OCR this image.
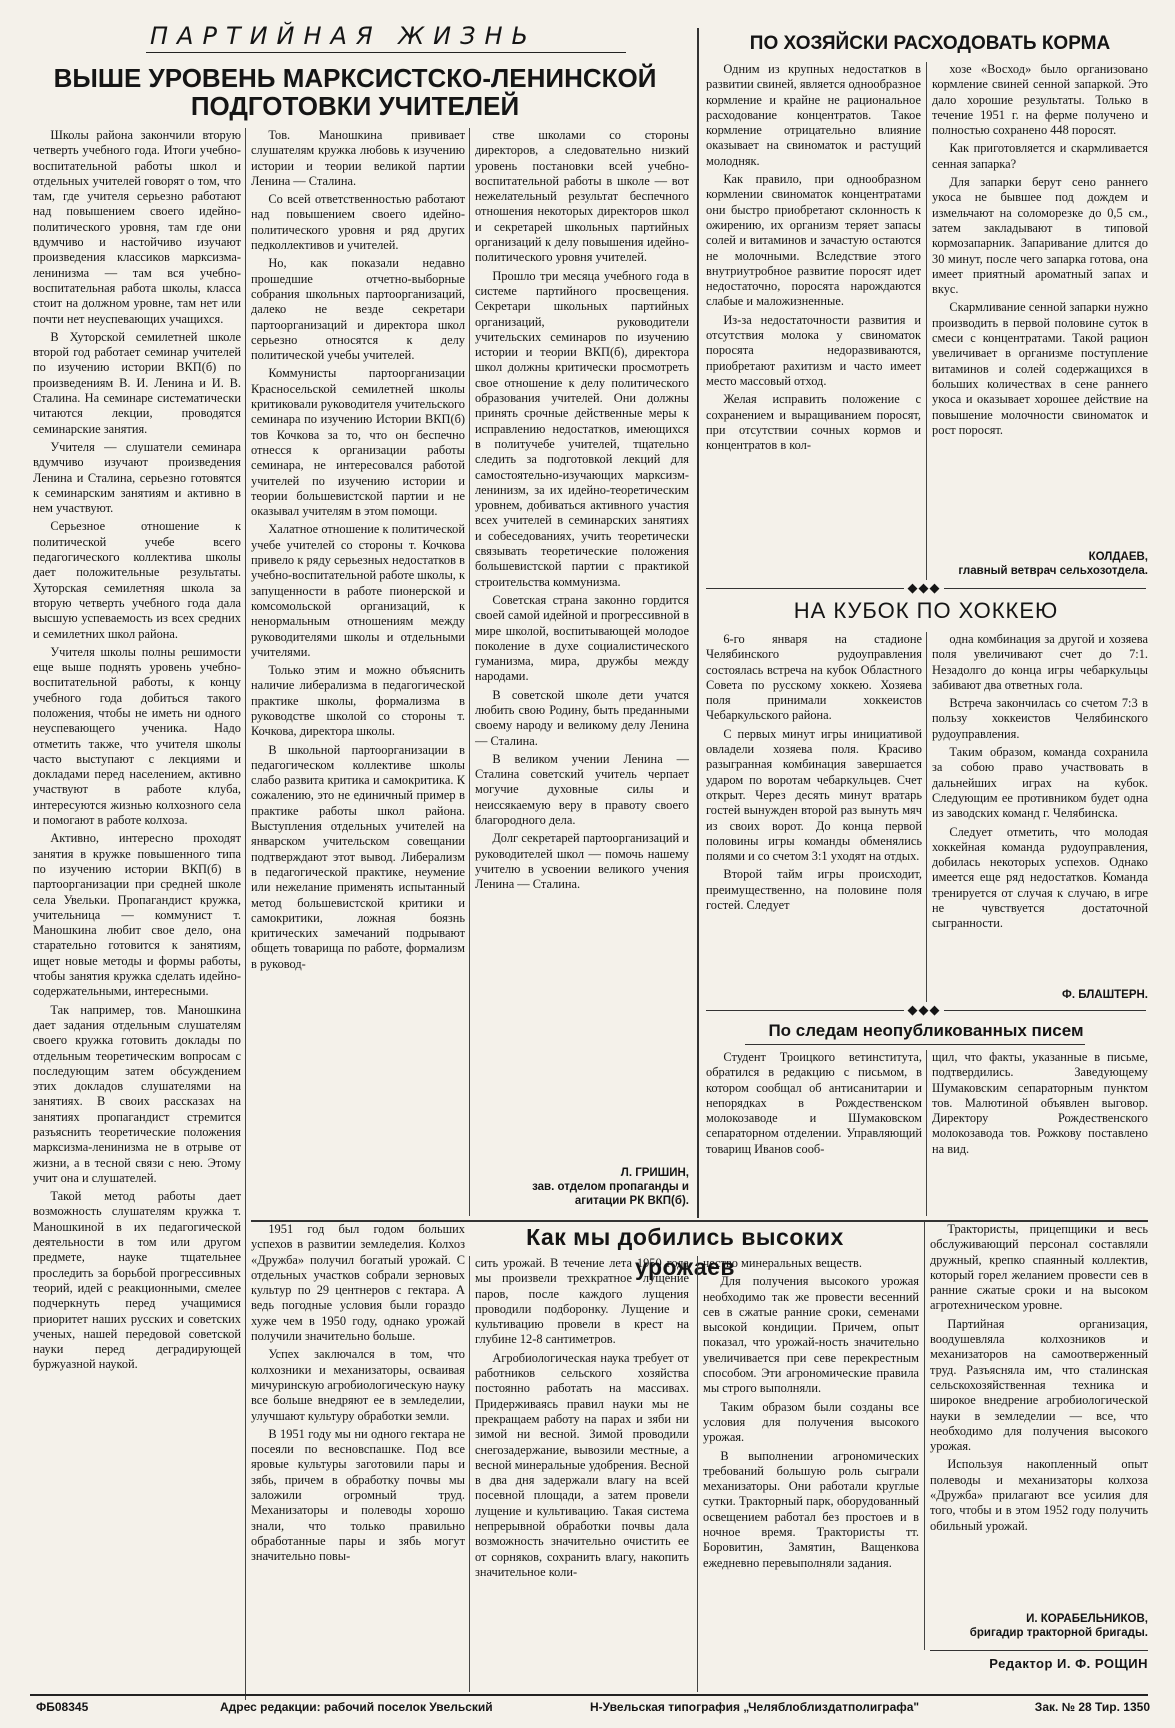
ПАРТИЙНАЯ ЖИЗНЬ
ВЫШЕ УРОВЕНЬ МАРКСИСТСКО-ЛЕНИНСКОЙ
ПОДГОТОВКИ УЧИТЕЛЕЙ

Школы района закончили вторую четверть учебного года. Итоги учебно-воспитательной работы школ и отдельных учителей говорят о том, что там, где учителя серьезно работают над повышением своего идейно-политического уровня, там где они вдумчиво и настойчиво изучают произведения классиков марксизма-ленинизма — там вся учебно-воспитательная работа школы, класса стоит на должном уровне, там нет или почти нет неуспевающих учащихся.

В Хуторской семилетней школе второй год работает семинар учителей по изучению истории ВКП(б) по произведениям В. И. Ленина и И. В. Сталина. На семинаре систематически читаются лекции, проводятся семинарские занятия.

Учителя — слушатели семинара вдумчиво изучают произведения Ленина и Сталина, серьезно готовятся к семинарским занятиям и активно в нем участвуют.

Серьезное отношение к политической учебе всего педагогического коллектива школы дает положительные результаты. Хуторская семилетняя школа за вторую четверть учебного года дала высшую успеваемость из всех средних и семилетних школ района.

Учителя школы полны решимости еще выше поднять уровень учебно-воспитательной работы, к концу учебного года добиться такого положения, чтобы не иметь ни одного неуспевающего ученика. Надо отметить также, что учителя школы часто выступают с лекциями и докладами перед населением, активно участвуют в работе клуба, интересуются жизнью колхозного села и помогают в работе колхоза.

Активно, интересно проходят занятия в кружке повышенного типа по изучению истории ВКП(б) в партоорганизации при средней школе села Увельки. Пропагандист кружка, учительница — коммунист т. Маношкина любит свое дело, она старательно готовится к занятиям, ищет новые методы и формы работы, чтобы занятия кружка сделать идейно-содержательными, интересными.

Так например, тов. Маношкина дает задания отдельным слушателям своего кружка готовить доклады по отдельным теоретическим вопросам с последующим затем обсуждением этих докладов слушателями на занятиях. В своих рассказах на занятиях пропагандист стремится разъяснить теоретические положения марксизма-ленинизма не в отрыве от жизни, а в тесной связи с нею. Этому учит она и слушателей.

Такой метод работы дает возможность слушателям кружка т. Маношкиной в их педагогической деятельности в том или другом предмете, науке тщательнее проследить за борьбой прогрессивных теорий, идей с реакционными, смелее подчеркнуть перед учащимися приоритет наших русских и советских ученых, нашей передовой советской науки перед деградирующей буржуазной наукой.

Тов. Маношкина прививает слушателям кружка любовь к изучению истории и теории великой партии Ленина — Сталина.

Со всей ответственностью работают над повышением своего идейно-политического уровня и ряд других педколлективов и учителей.

Но, как показали недавно прошедшие отчетно-выборные собрания школьных партоорганизаций, далеко не везде секретари партоорганизаций и директора школ серьезно относятся к делу политической учебы учителей.

Коммунисты партоорганизации Красносельской семилетней школы критиковали руководителя учительского семинара по изучению Истории ВКП(б) тов Кочкова за то, что он беспечно отнесся к организации работы семинара, не интересовался работой учителей по изучению истории и теории большевистской партии и не оказывал учителям в этом помощи.

Халатное отношение к политической учебе учителей со стороны т. Кочкова привело к ряду серьезных недостатков в учебно-воспитательной работе школы, к запущенности в работе пионерской и комсомольской организаций, к ненормальным отношениям между руководителями школы и отдельными учителями.

Только этим и можно объяснить наличие либерализма в педагогической практике школы, формализма в руководстве школой со стороны т. Кочкова, директора школы.

В школьной партоорганизации в педагогическом коллективе школы слабо развита критика и самокритика. К сожалению, это не единичный пример в практике работы школ района. Выступления отдельных учителей на январском учительском совещании подтверждают этот вывод. Либерализм в педагогической практике, неумение или нежелание применять испытанный метод большевистской критики и самокритики, ложная боязнь критических замечаний подрывают общеть товарища по работе, формализм в руковод-

стве школами со стороны директоров, а следовательно низкий уровень постановки всей учебно-воспитательной работы в школе — вот нежелательный результат беспечного отношения некоторых директоров школ и секретарей школьных партийных организаций к делу повышения идейно-политического уровня учителей.

Прошло три месяца учебного года в системе партийного просвещения. Секретари школьных партийных организаций, руководители учительских семинаров по изучению истории и теории ВКП(б), директора школ должны критически просмотреть свое отношение к делу политического образования учителей. Они должны принять срочные действенные меры к исправлению недостатков, имеющихся в политучебе учителей, тщательно следить за подготовкой лекций для самостоятельно-изучающих марксизм-ленинизм, за их идейно-теоретическим уровнем, добиваться активного участия всех учителей в семинарских занятиях и собеседованиях, учить теоретически связывать теоретические положения большевистской партии с практикой строительства коммунизма.

Советская страна законно гордится своей самой идейной и прогрессивной в мире школой, воспитывающей молодое поколение в духе социалистического гуманизма, мира, дружбы между народами.

В советской школе дети учатся любить свою Родину, быть преданными своему народу и великому делу Ленина — Сталина.

В великом учении Ленина — Сталина советский учитель черпает могучие духовные силы и неиссякаемую веру в правоту своего благородного дела.

Долг секретарей партоорганизаций и руководителей школ — помочь нашему учителю в усвоении великого учения Ленина — Сталина.

Л. ГРИШИН,
зав. отделом пропаганды и
агитации РК ВКП(б).
ПО ХОЗЯЙСКИ РАСХОДОВАТЬ КОРМА

Одним из крупных недостатков в развитии свиней, является однообразное кормление и крайне не рациональное расходование концентратов. Такое кормление отрицательно влияние оказывает на свиноматок и растущий молодняк.

Как правило, при однообразном кормлении свиноматок концентратами они быстро приобретают склонность к ожирению, их организм теряет запасы солей и витаминов и зачастую остаются не молочными. Вследствие этого внутриутробное развитие поросят идет недостаточно, поросята нарождаются слабые и маложизненные.

Из-за недостаточности развития и отсутствия молока у свиноматок поросята недоразвиваются, приобретают рахитизм и часто имеет место массовый отход.

Желая исправить положение с сохранением и выращиванием поросят, при отсутствии сочных кормов и концентратов в кол-

хозе «Восход» было организовано кормление свиней сенной запаркой. Это дало хорошие результаты. Только в течение 1951 г. на ферме получено и полностью сохранено 448 поросят.

Как приготовляется и скармливается сенная запарка?

Для запарки берут сено раннего укоса не бывшее под дождем и измельчают на соломорезке до 0,5 см., затем закладывают в типовой кормозапарник. Запаривание длится до 30 минут, после чего запарка готова, она имеет приятный ароматный запах и вкус.

Скармливание сенной запарки нужно производить в первой половине суток в смеси с концентратами. Такой рацион увеличивает в организме поступление витаминов и солей содержащихся в больших количествах в сене раннего укоса и оказывает хорошее действие на повышение молочности свиноматок и рост поросят.

КОЛДАЕВ,
главный ветврач сельхозотдела.
◆◆◆
НА КУБОК ПО ХОККЕЮ

6-го января на стадионе Челябинского рудоуправления состоялась встреча на кубок Областного Совета по русскому хоккею. Хозяева поля принимали хоккеистов Чебаркульского района.

С первых минут игры инициативой овладели хозяева поля. Красиво разыгранная комбинация завершается ударом по воротам чебаркульцев. Счет открыт. Через десять минут вратарь гостей вынужден второй раз вынуть мяч из своих ворот. До конца первой половины игры команды обменялись полями и со счетом 3:1 уходят на отдых.

Второй тайм игры происходит, преимущественно, на половине поля гостей. Следует

одна комбинация за другой и хозяева поля увеличивают счет до 7:1. Незадолго до конца игры чебаркульцы забивают два ответных гола.

Встреча закончилась со счетом 7:3 в пользу хоккеистов Челябинского рудоуправления.

Таким образом, команда сохранила за собою право участвовать в дальнейших играх на кубок. Следующим ее противником будет одна из заводских команд г. Челябинска.

Следует отметить, что молодая хоккейная команда рудоуправления, добилась некоторых успехов. Однако имеется еще ряд недостатков. Команда тренируется от случая к случаю, в игре не чувствуется достаточной сыгранности.

Ф. БЛАШТЕРН.
◆◆◆
По следам неопубликованных писем

Студент Троицкого ветинститута, обратился в редакцию с письмом, в котором сообщал об антисанитарии и непорядках в Рождественском молокозаводе и Шумаковском сепараторном отделении. Управляющий товарищ Иванов сооб-

щил, что факты, указанные в письме, подтвердились. Заведующему Шумаковским сепараторным пунктом тов. Малютиной объявлен выговор. Директору Рождественского молокозавода тов. Рожкову поставлено на вид.

Как мы добились высоких урожаев

1951 год был годом больших успехов в развитии земледелия. Колхоз «Дружба» получил богатый урожай. С отдельных участков собрали зерновых культур по 29 центнеров с гектара. А ведь погодные условия были гораздо хуже чем в 1950 году, однако урожай получили значительно больше.

Успех заключался в том, что колхозники и механизаторы, осваивая мичуринскую агробиологическую науку все больше внедряют ее в земледелии, улучшают культуру обработки земли.

В 1951 году мы ни одного гектара не посеяли по весновспашке. Под все яровые культуры заготовили пары и зябь, причем в обработку почвы мы заложили огромный труд. Механизаторы и полеводы хорошо знали, что только правильно обработанные пары и зябь могут значительно повы-

сить урожай. В течение лета 1950 года мы произвели трехкратное лущение паров, после каждого лущения проводили подборонку. Лущение и культивацию провели в крест на глубине 12-8 сантиметров.

Агробиологическая наука требует от работников сельского хозяйства постоянно работать на массивах. Придерживаясь правил науки мы не прекращаем работу на парах и зяби ни зимой ни весной. Зимой проводили снегозадержание, вывозили местные, а весной минеральные удобрения. Весной в два дня задержали влагу на всей посевной площади, а затем провели лущение и культивацию. Такая система непрерывной обработки почвы дала возможность значительно очистить ее от сорняков, сохранить влагу, накопить значительное коли-

чество минеральных веществ.

Для получения высокого урожая необходимо так же провести весенний сев в сжатые ранние сроки, семенами высокой кондиции. Причем, опыт показал, что урожай-ность значительно увеличивается при севе перекрестным способом. Эти агрономические правила мы строго выполняли.

Таким образом были созданы все условия для получения высокого урожая.

В выполнении агрономических требований большую роль сыграли механизаторы. Они работали круглые сутки. Тракторный парк, оборудованный освещением работал без простоев и в ночное время. Трактористы тт. Боровитин, Замятин, Ващенкова ежедневно перевыполняли задания.

Трактористы, прицепщики и весь обслуживающий персонал составляли дружный, крепко спаянный коллектив, который горел желанием провести сев в ранние сжатые сроки и на высоком агротехническом уровне.

Партийная организация, воодушевляла колхозников и механизаторов на самоотверженный труд. Разъясняла им, что сталинская сельскохозяйственная техника и широкое внедрение агробиологической науки в земледелии — все, что необходимо для получения высокого урожая.

Используя накопленный опыт полеводы и механизаторы колхоза «Дружба» прилагают все усилия для того, чтобы и в этом 1952 году получить обильный урожай.

И. КОРАБЕЛЬНИКОВ,
бригадир тракторной бригады.
Редактор И. Ф. РОЩИН
ФБ08345	Адрес редакции: рабочий поселок Увельский	Н-Увельская типография „Челяблоблиздатполиграфа"	Зак. № 28 Тир. 1350
